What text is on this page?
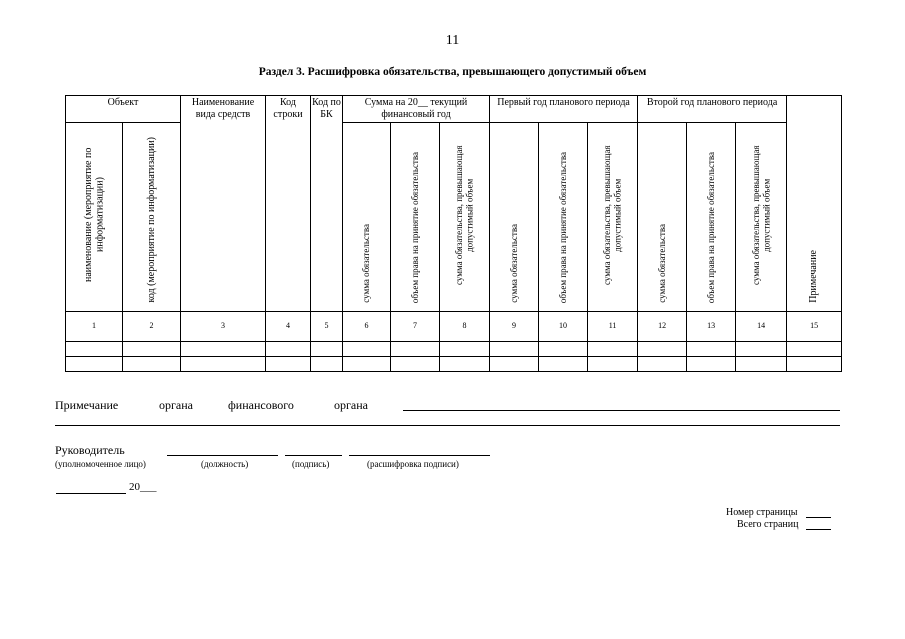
11
Раздел 3. Расшифровка обязательства, превышающего допустимый объем
Объект		Наименование вида средств	Код строки	Код по БК	Сумма на 20__ текущий финансовый год			Первый год планового периода			Второй год планового периода			Примечание
наименование (мероприятие по информатизации)	код (мероприятие по информатизации)				сумма обязательства	объем права на принятие обязательства	сумма обязательства, превышающая допустимый объем	сумма обязательства	объем права на принятие обязательства	сумма обязательства, превышающая допустимый объем	сумма обязательства	объем права на принятие обязательства	сумма обязательства, превышающая допустимый объем	
1	2	3	4	5	6	7	8	9	10	11	12	13	14	15

Примечание	органа	финансового	органа
Руководитель
(уполномоченное лицо)	(должность)	(подпись)	(расшифровка подписи)
20___
Номер страницы
Всего страниц
